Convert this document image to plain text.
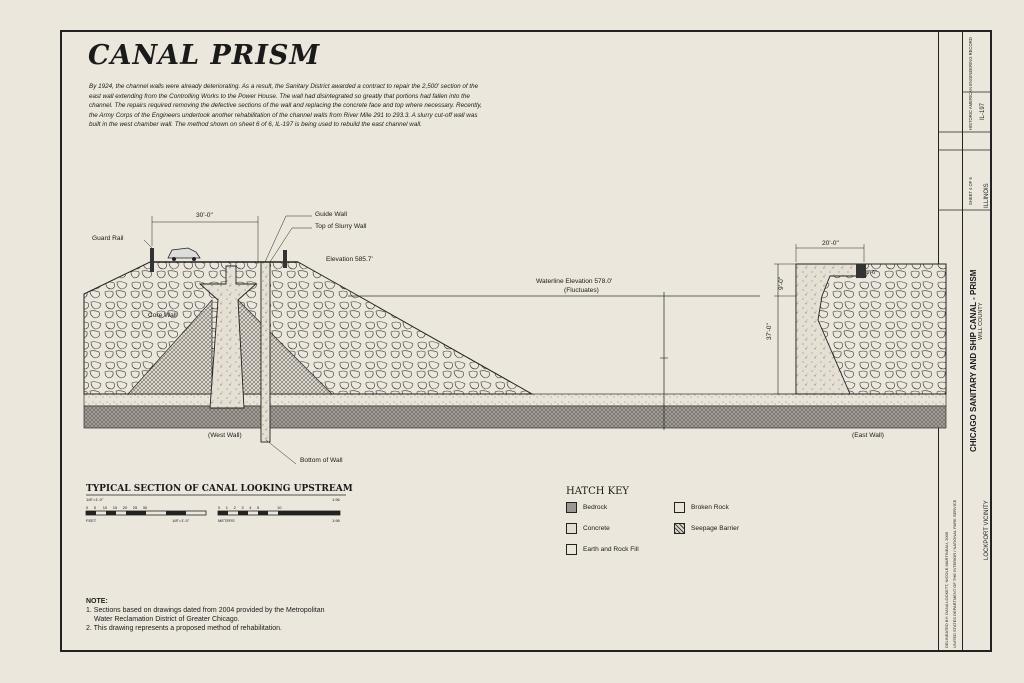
CANAL PRISM
By 1924, the channel walls were already deteriorating. As a result, the Sanitary District awarded a contract to repair the 2,500' section of the east wall extending from the Controlling Works to the Power House. The wall had disintegrated so greatly that portions had fallen into the channel. The repairs required removing the defective sections of the wall and replacing the concrete face and top where necessary. Recently, the Army Corps of the Engineers undertook another rehabilitation of the channel walls from River Mile 291 to 293.3. A slurry cut-off wall was built in the west chamber wall. The method shown on sheet 6 of 6, IL-197 is being used to rebuild the east channel wall.
30'-0"
Guard Rail
Guide Wall
Top of Slurry Wall
Elevation 585.7'
Core Wall
(West Wall)
Bottom of Wall
Waterline Elevation 578.0'
(Fluctuates)
20'-0"
9'-0"
3'-6"
37'-0"
(East Wall)
TYPICAL SECTION OF CANAL LOOKING UPSTREAM
1/8"=1'-0"
0 5 10 15 20 25 30
FEET	1/8"=1'-0"
0 1 2 3 4 5	10
METERS
1:96
1:96
HATCH KEY
Bedrock	Broken Rock
Concrete	Seepage Barrier
Earth and Rock Fill
NOTE:
1. Sections based on drawings dated from 2004 provided by the Metropolitan
Water Reclamation District of Greater Chicago.
2. This drawing represents a proposed method of rehabilitation.
CHICAGO SANITARY AND SHIP CANAL - PRISM WILL COUNTY
LOCKPORT VICINITY
ILLINOIS
HISTORIC AMERICAN ENGINEERING RECORD IL-197
SHEET 4 OF 6
DELINEATED BY: DANA LOCKETT, NICOLE MARTINEAU, 2009 UNITED STATES DEPARTMENT OF THE INTERIOR / NATIONAL PARK SERVICE
